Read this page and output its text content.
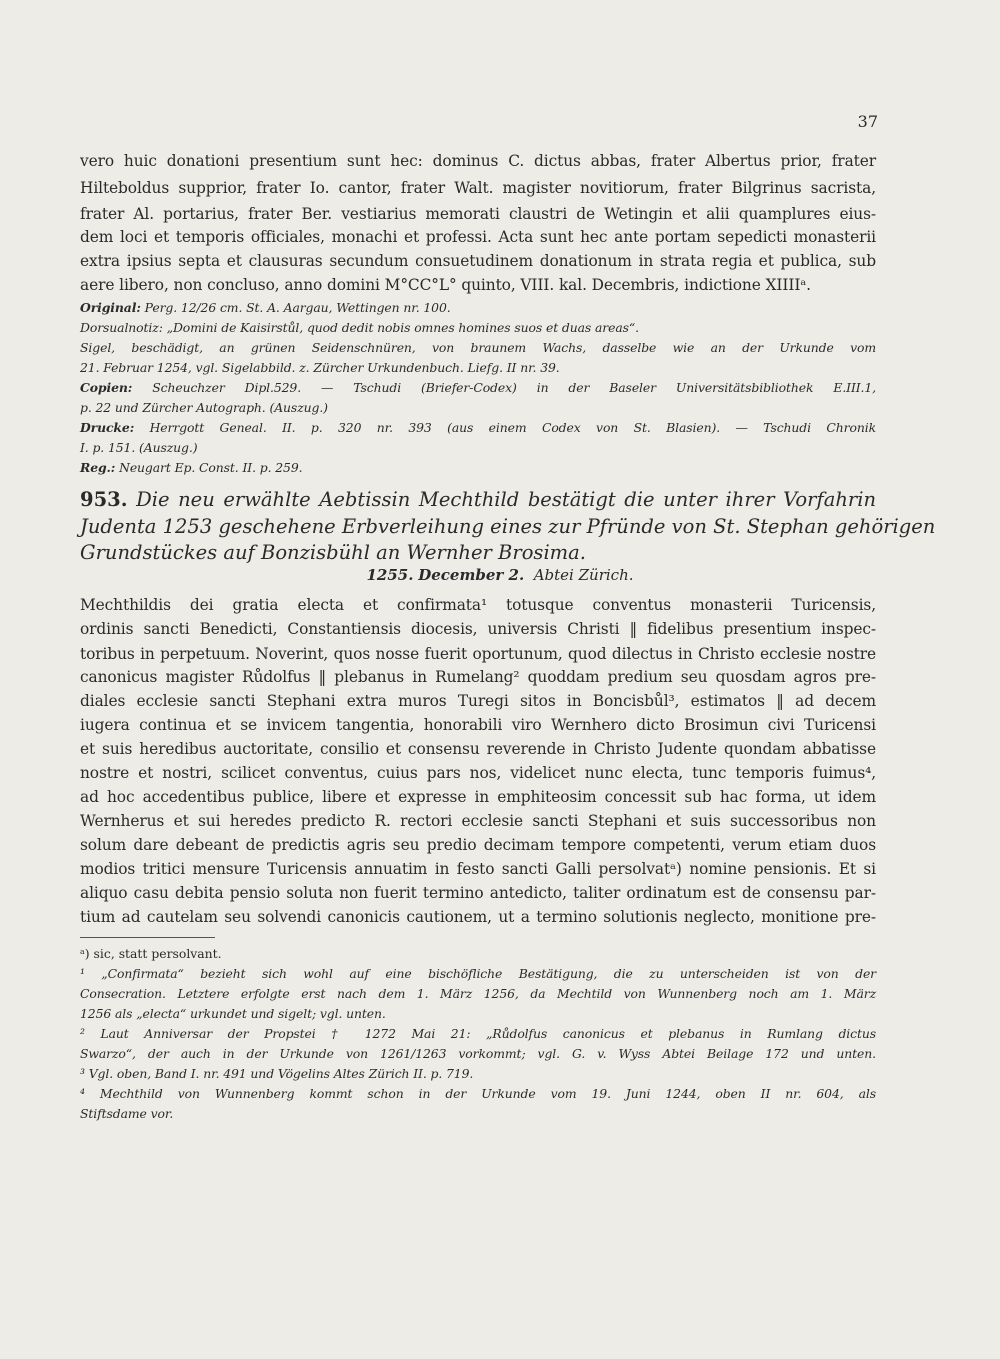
37
vero huic donationi presentium sunt hec: dominus C. dictus abbas, frater Albertus prior, frater
Hilteboldus supprior, frater Io. cantor, frater Walt. magister novitiorum, frater Bilgrinus sacrista,
frater Al. portarius, frater Ber. vestiarius memorati claustri de Wetingin et alii quamplures eius-
dem loci et temporis officiales, monachi et professi. Acta sunt hec ante portam sepedicti monasterii
extra ipsius septa et clausuras secundum consuetudinem donationum in strata regia et publica, sub
aere libero, non concluso, anno domini M°CC°L° quinto, VIII. kal. Decembris, indictione XIIIIᵃ.
Original: Perg. 12/26 cm. St. A. Aargau, Wettingen nr. 100.
Dorsualnotiz: „Domini de Kaisirstůl, quod dedit nobis omnes homines suos et duas areas“.
Sigel, beschädigt, an grünen Seidenschnüren, von braunem Wachs, dasselbe wie an der Urkunde vom
21. Februar 1254, vgl. Sigelabbild. z. Zürcher Urkundenbuch. Liefg. II nr. 39.
Copien: Scheuchzer Dipl.529. — Tschudi (Briefer-Codex) in der Baseler Universitätsbibliothek E.III.1,
p. 22 und Zürcher Autograph. (Auszug.)
Drucke: Herrgott Geneal. II. p. 320 nr. 393 (aus einem Codex von St. Blasien). — Tschudi Chronik
I. p. 151. (Auszug.)
Reg.: Neugart Ep. Const. II. p. 259.
953. Die neu erwählte Aebtissin Mechthild bestätigt die unter ihrer Vorfahrin
Judenta 1253 geschehene Erbverleihung eines zur Pfründe von St. Stephan gehörigen
Grundstückes auf Bonzisbühl an Wernher Brosima.
1255. December 2. Abtei Zürich.
Mechthildis dei gratia electa et confirmata¹ totusque conventus monasterii Turicensis,
ordinis sancti Benedicti, Constantiensis diocesis, universis Christi ‖ fidelibus presentium inspec-
toribus in perpetuum. Noverint, quos nosse fuerit oportunum, quod dilectus in Christo ecclesie nostre
canonicus magister Růdolfus ‖ plebanus in Rumelang² quoddam predium seu quosdam agros pre-
diales ecclesie sancti Stephani extra muros Turegi sitos in Boncisbůl³, estimatos ‖ ad decem
iugera continua et se invicem tangentia, honorabili viro Wernhero dicto Brosimun civi Turicensi
et suis heredibus auctoritate, consilio et consensu reverende in Christo Judente quondam abbatisse
nostre et nostri, scilicet conventus, cuius pars nos, videlicet nunc electa, tunc temporis fuimus⁴,
ad hoc accedentibus publice, libere et expresse in emphiteosim concessit sub hac forma, ut idem
Wernherus et sui heredes predicto R. rectori ecclesie sancti Stephani et suis successoribus non
solum dare debeant de predictis agris seu predio decimam tempore competenti, verum etiam duos
modios tritici mensure Turicensis annuatim in festo sancti Galli persolvatᵃ) nomine pensionis. Et si
aliquo casu debita pensio soluta non fuerit termino antedicto, taliter ordinatum est de consensu par-
tium ad cautelam seu solvendi canonicis cautionem, ut a termino solutionis neglecto, monitione pre-
ᵃ) sic, statt persolvant.
¹ „Confirmata“ bezieht sich wohl auf eine bischöfliche Bestätigung, die zu unterscheiden ist von der
Consecration. Letztere erfolgte erst nach dem 1. März 1256, da Mechtild von Wunnenberg noch am 1. März
1256 als „electa“ urkundet und sigelt; vgl. unten.
² Laut Anniversar der Propstei † 1272 Mai 21: „Růdolfus canonicus et plebanus in Rumlang dictus
Swarzo“, der auch in der Urkunde von 1261/1263 vorkommt; vgl. G. v. Wyss Abtei Beilage 172 und unten.
³ Vgl. oben, Band I. nr. 491 und Vögelins Altes Zürich II. p. 719.
⁴ Mechthild von Wunnenberg kommt schon in der Urkunde vom 19. Juni 1244, oben II nr. 604, als
Stiftsdame vor.
